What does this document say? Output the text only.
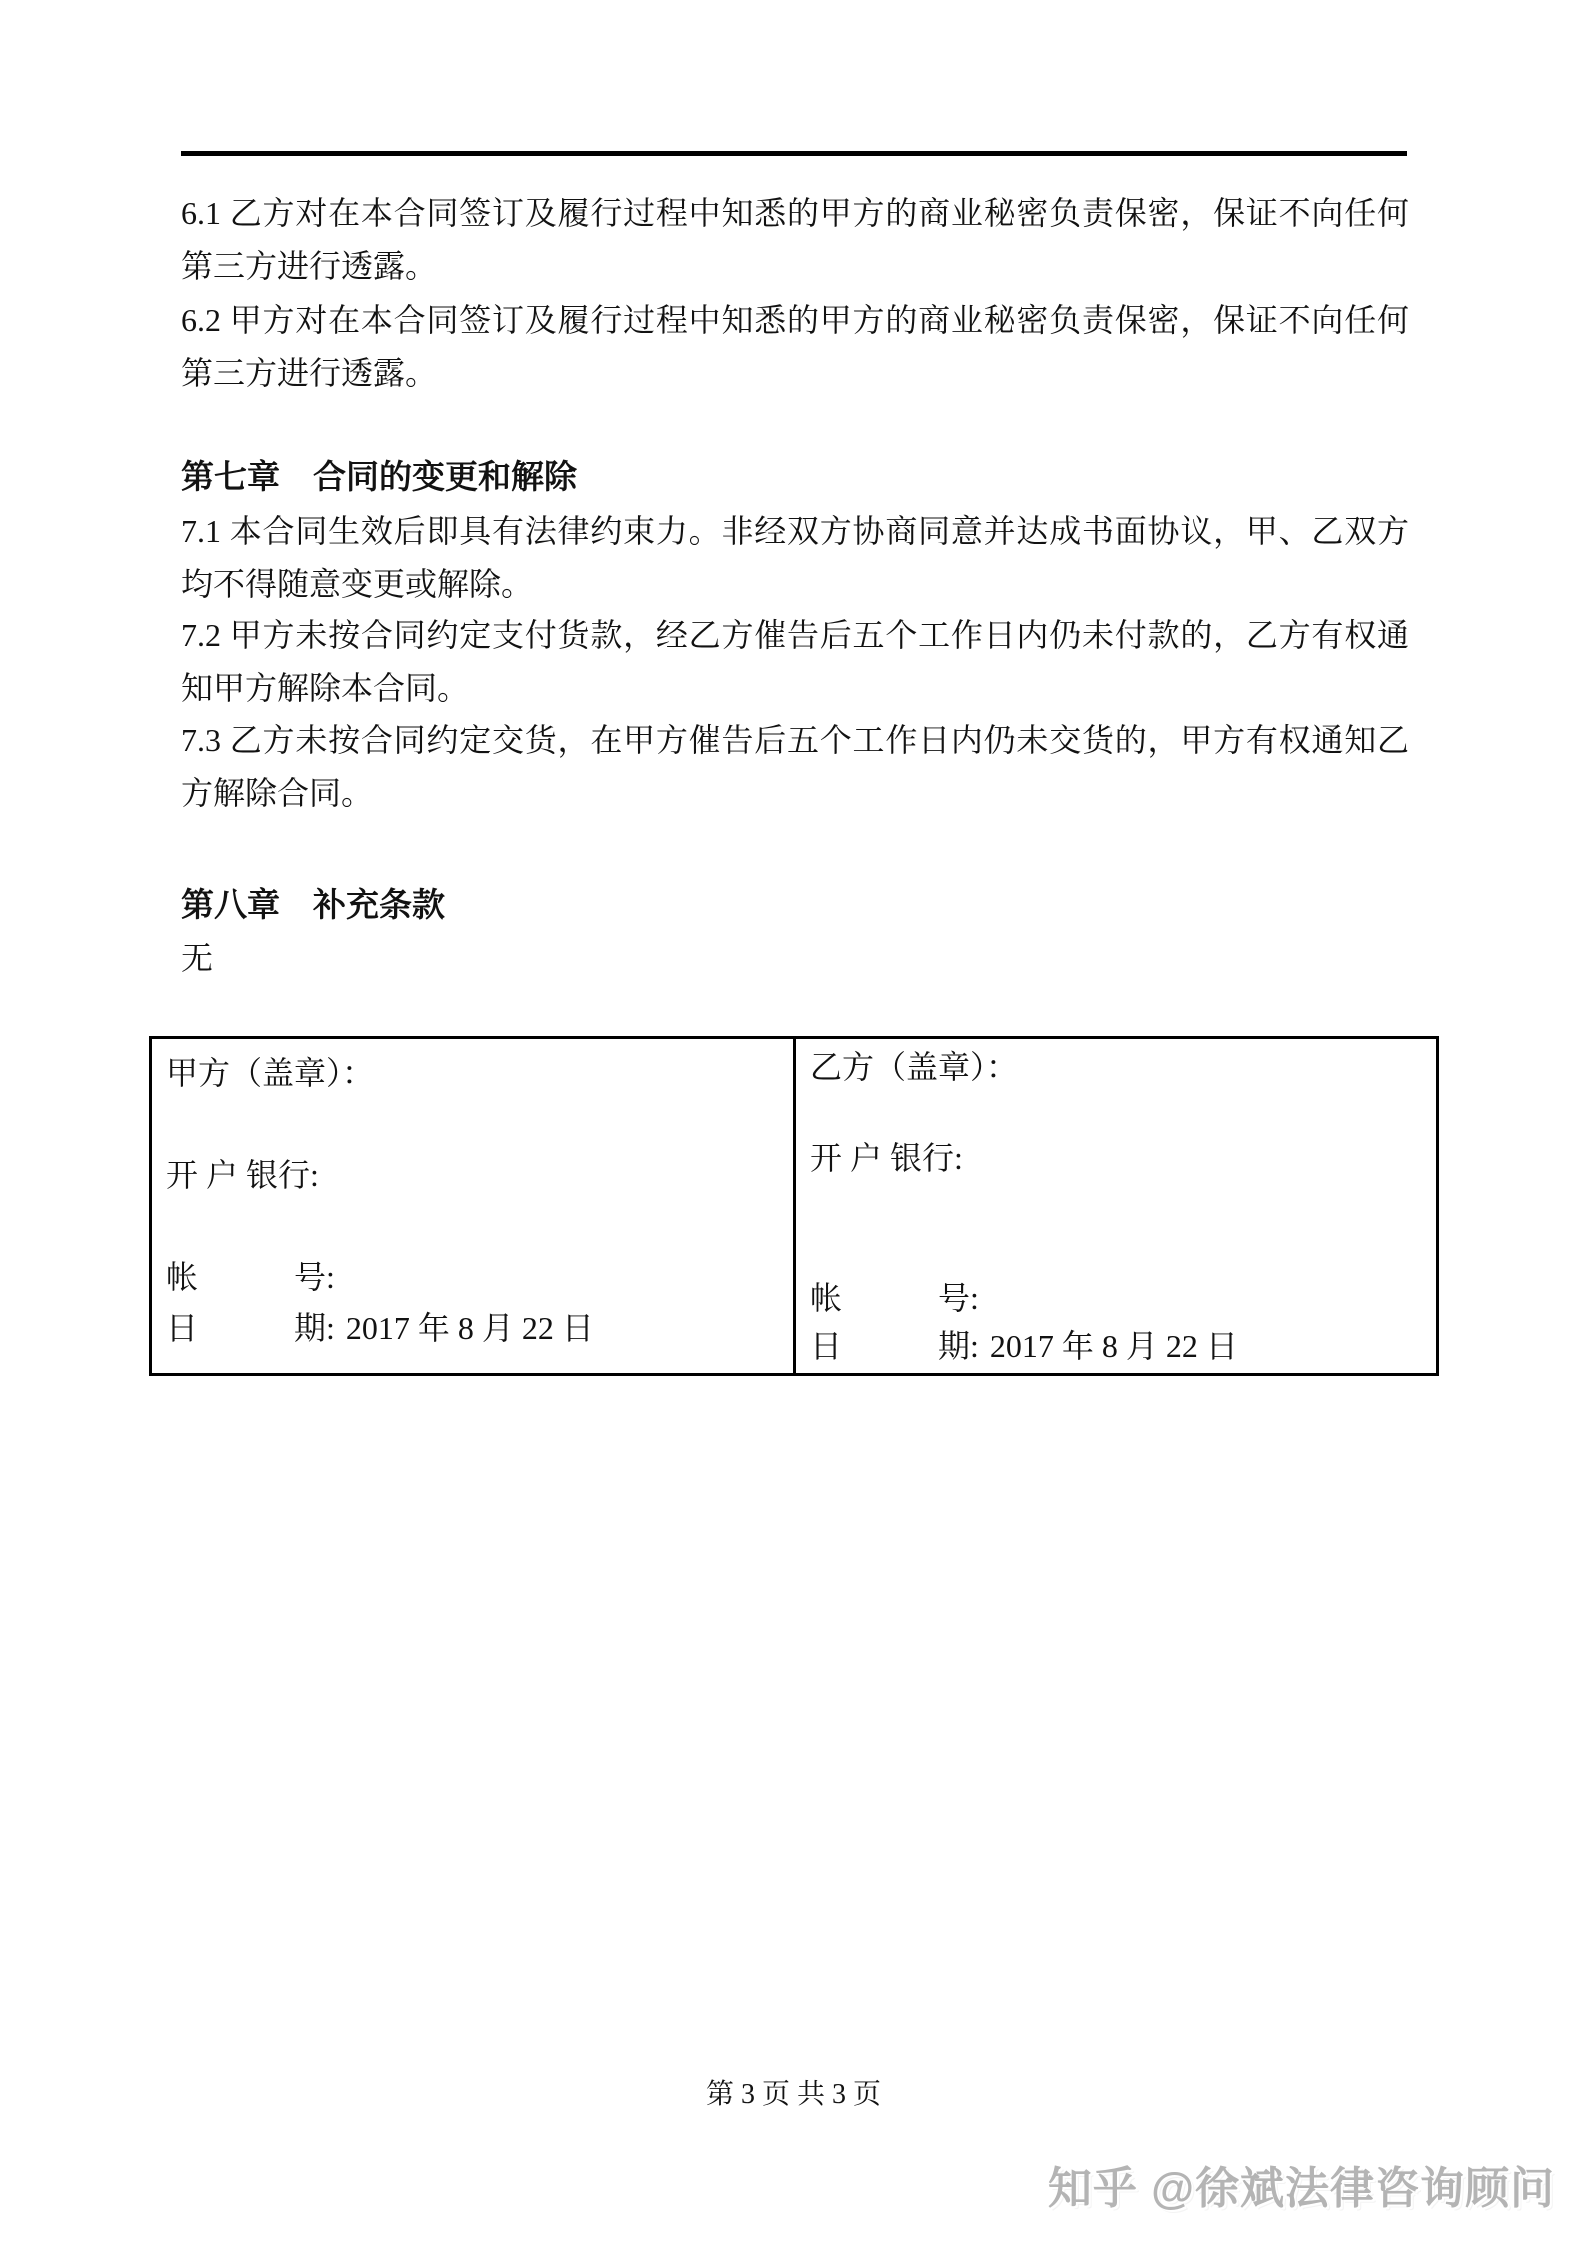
6.1 乙方对在本合同签订及履行过程中知悉的甲方的商业秘密负责保密，保证不向任何第三方进行透露。

6.2 甲方对在本合同签订及履行过程中知悉的甲方的商业秘密负责保密，保证不向任何第三方进行透露。

第七章　合同的变更和解除

7.1 本合同生效后即具有法律约束力。非经双方协商同意并达成书面协议，甲、乙双方均不得随意变更或解除。

7.2 甲方未按合同约定支付货款，经乙方催告后五个工作日内仍未付款的，乙方有权通知甲方解除本合同。

7.3 乙方未按合同约定交货，在甲方催告后五个工作日内仍未交货的，甲方有权通知乙方解除合同。

第八章　补充条款

无

甲方（盖章）：
开 户 银行:
帐　　　号:
日　　　期: 2017 年 8 月 22 日
乙方（盖章）：
开 户 银行:
帐　　　号:
日　　　期: 2017 年 8 月 22 日
第 3 页 共 3 页
知乎 @徐斌法律咨询顾问
